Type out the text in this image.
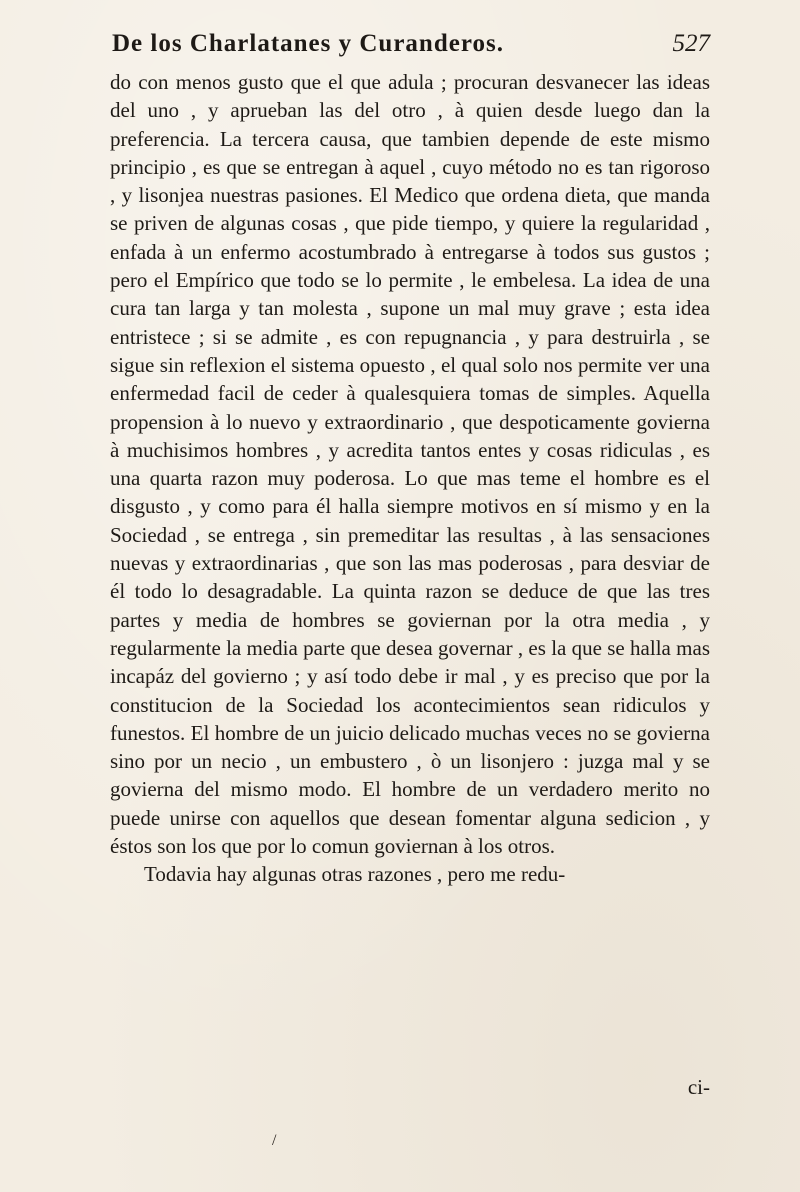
De los Charlatanes y Curanderos.	527

do con menos gusto que el que adula ; procuran desvanecer las ideas del uno , y aprueban las del otro , à quien desde luego dan la preferencia. La tercera causa, que tambien depende de este mismo principio , es que se entregan à aquel , cuyo método no es tan rigoroso , y lisonjea nuestras pasiones. El Medico que ordena dieta, que manda se priven de algunas cosas , que pide tiempo, y quiere la regularidad , enfada à un enfermo acostumbrado à entregarse à todos sus gustos ; pero el Empírico que todo se lo permite , le embelesa. La idea de una cura tan larga y tan molesta , supone un mal muy grave ; esta idea entristece ; si se admite , es con repugnancia , y para destruirla , se sigue sin reflexion el sistema opuesto , el qual solo nos permite ver una enfermedad facil de ceder à qualesquiera tomas de simples. Aquella propension à lo nuevo y extraordinario , que despoticamente govierna à muchisimos hombres , y acredita tantos entes y cosas ridiculas , es una quarta razon muy poderosa. Lo que mas teme el hombre es el disgusto , y como para él halla siempre motivos en sí mismo y en la Sociedad , se entrega , sin premeditar las resultas , à las sensaciones nuevas y extraordinarias , que son las mas poderosas , para desviar de él todo lo desagradable. La quinta razon se deduce de que las tres partes y media de hombres se goviernan por la otra media , y regularmente la media parte que desea governar , es la que se halla mas incapáz del govierno ; y así todo debe ir mal , y es preciso que por la constitucion de la Sociedad los acontecimientos sean ridiculos y funestos. El hombre de un juicio delicado muchas veces no se govierna sino por un necio , un embustero , ò un lisonjero : juzga mal y se govierna del mismo modo. El hombre de un verdadero merito no puede unirse con aquellos que desean fomentar alguna sedicion , y éstos son los que por lo comun goviernan à los otros.

Todavia hay algunas otras razones , pero me redu-

ci-
/
